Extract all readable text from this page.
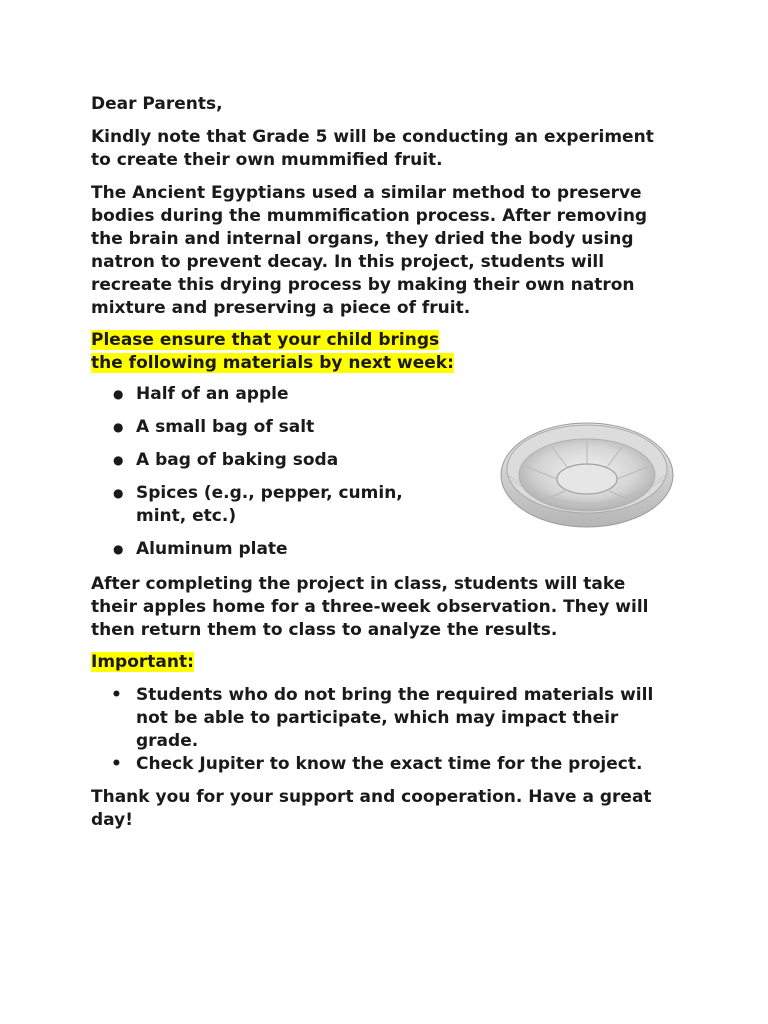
Dear Parents,

Kindly note that Grade 5 will be conducting an experiment
to create their own mummified fruit.

The Ancient Egyptians used a similar method to preserve
bodies during the mummification process. After removing
the brain and internal organs, they dried the body using
natron to prevent decay. In this project, students will
recreate this drying process by making their own natron
mixture and preserving a piece of fruit.

Please ensure that your child brings
the following materials by next week:

● Half of an apple
● A small bag of salt
● A bag of baking soda
● Spices (e.g., pepper, cumin, mint, etc.)
● Aluminum plate

After completing the project in class, students will take
their apples home for a three-week observation. They will
then return them to class to analyze the results.

Important:

• Students who do not bring the required materials will not be able to participate, which may impact their grade.
• Check Jupiter to know the exact time for the project.

Thank you for your support and cooperation. Have a great day!
